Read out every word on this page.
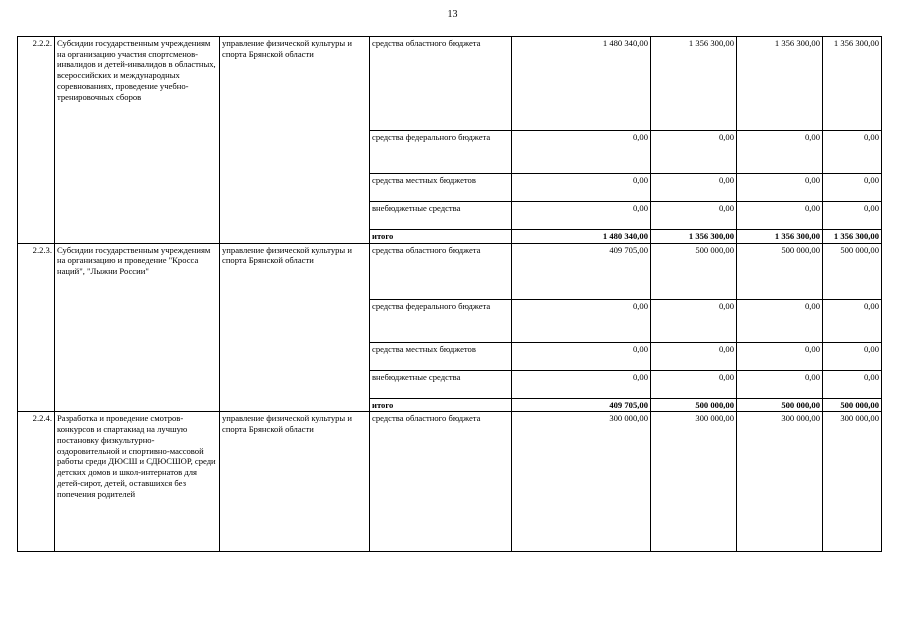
13
2.2.2.	Субсидии государственным учреждениям на организацию участия спортсменов-инвалидов и детей-инвалидов в областных, всероссийских и международных соревнованиях, проведение учебно-тренировочных сборов	управление физической культуры и спорта Брянской области	средства областного бюджета	1 480 340,00	1 356 300,00	1 356 300,00	1 356 300,00	
			средства федерального бюджета	0,00	0,00	0,00	0,00	
			средства местных бюджетов	0,00	0,00	0,00	0,00	
			внебюджетные средства	0,00	0,00	0,00	0,00	
			итого	1 480 340,00	1 356 300,00	1 356 300,00	1 356 300,00	
2.2.3.	Субсидии государственным учреждениям на организацию и проведение "Кросса наций", "Лыжни России"	управление физической культуры и спорта Брянской области	средства областного бюджета	409 705,00	500 000,00	500 000,00	500 000,00	
			средства федерального бюджета	0,00	0,00	0,00	0,00	
			средства местных бюджетов	0,00	0,00	0,00	0,00	
			внебюджетные средства	0,00	0,00	0,00	0,00	
			итого	409 705,00	500 000,00	500 000,00	500 000,00	
2.2.4.	Разработка и проведение смотров-конкурсов и спартакиад на лучшую постановку физкультурно-оздоровительной и спортивно-массовой работы среди ДЮСШ и СДЮСШОР, среди детских домов и школ-интернатов для детей-сирот, детей, оставшихся без попечения родителей	управление физической культуры и спорта Брянской области	средства областного бюджета	300 000,00	300 000,00	300 000,00	300 000,00	
